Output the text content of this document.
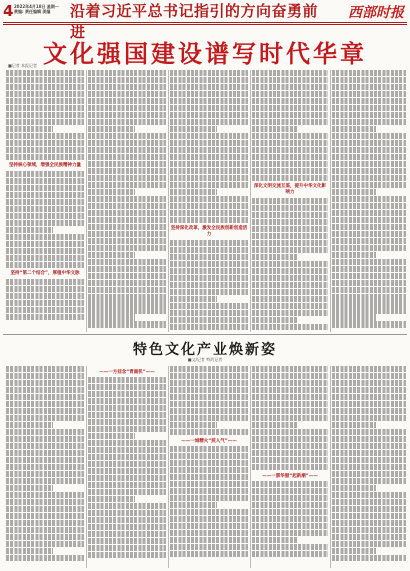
4 2022年4月18日 星期一
责编: 责任编辑 美编	沿着习近平总书记指引的方向奋勇前进
西部时报
文化强国建设谱写时代华章
■记者 本报记者
坚持核心领域，增强全民族精神力量
坚持“第二个结合”，厚植中华文脉
坚持深化改革，激发全民族创新创造活力
深化文明交流互鉴，提升中华文化影响力
特色文化产业焕新姿
■文/记者 特约记者
—— 一方挂念“青画机” ——
—— 一城精火“煎人气” ——
—— 一票华服“起新潮” ——
